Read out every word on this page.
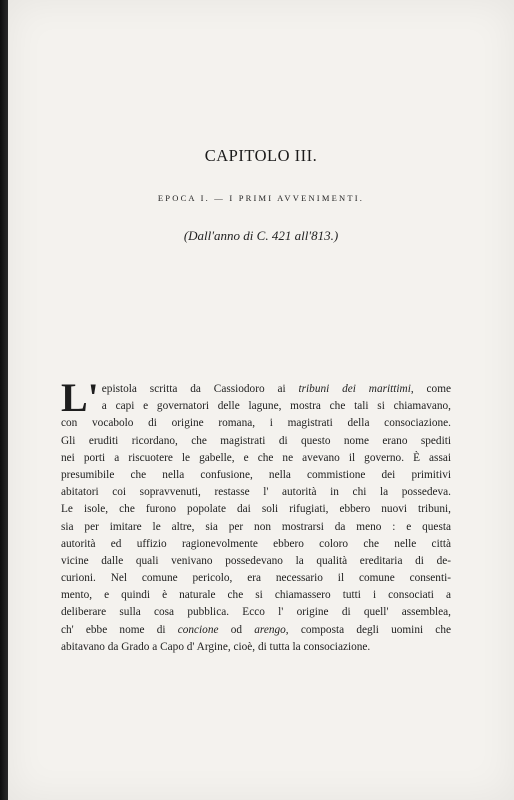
CAPITOLO III.
EPOCA I. — I PRIMI AVVENIMENTI.
(Dall'anno di C. 421 all'813.)
L' epistola scritta da Cassiodoro ai tribuni dei marittimi, come
a capi e governatori delle lagune, mostra che tali si chiamavano,
con vocabolo di origine romana, i magistrati della consociazione.
Gli eruditi ricordano, che magistrati di questo nome erano spediti
nei porti a riscuotere le gabelle, e che ne avevano il governo. È assai
presumibile che nella confusione, nella commistione dei primitivi
abitatori coi sopravvenuti, restasse l' autorità in chi la possedeva.
Le isole, che furono popolate dai soli rifugiati, ebbero nuovi tribuni,
sia per imitare le altre, sia per non mostrarsi da meno : e questa
autorità ed uffizio ragionevolmente ebbero coloro che nelle città
vicine dalle quali venivano possedevano la qualità ereditaria di de-
curioni. Nel comune pericolo, era necessario il comune consenti-
mento, e quindi è naturale che si chiamassero tutti i consociati a
deliberare sulla cosa pubblica. Ecco l' origine di quell' assemblea,
ch' ebbe nome di concione od arengo, composta degli uomini che
abitavano da Grado a Capo d' Argine, cioè, di tutta la consociazione.
